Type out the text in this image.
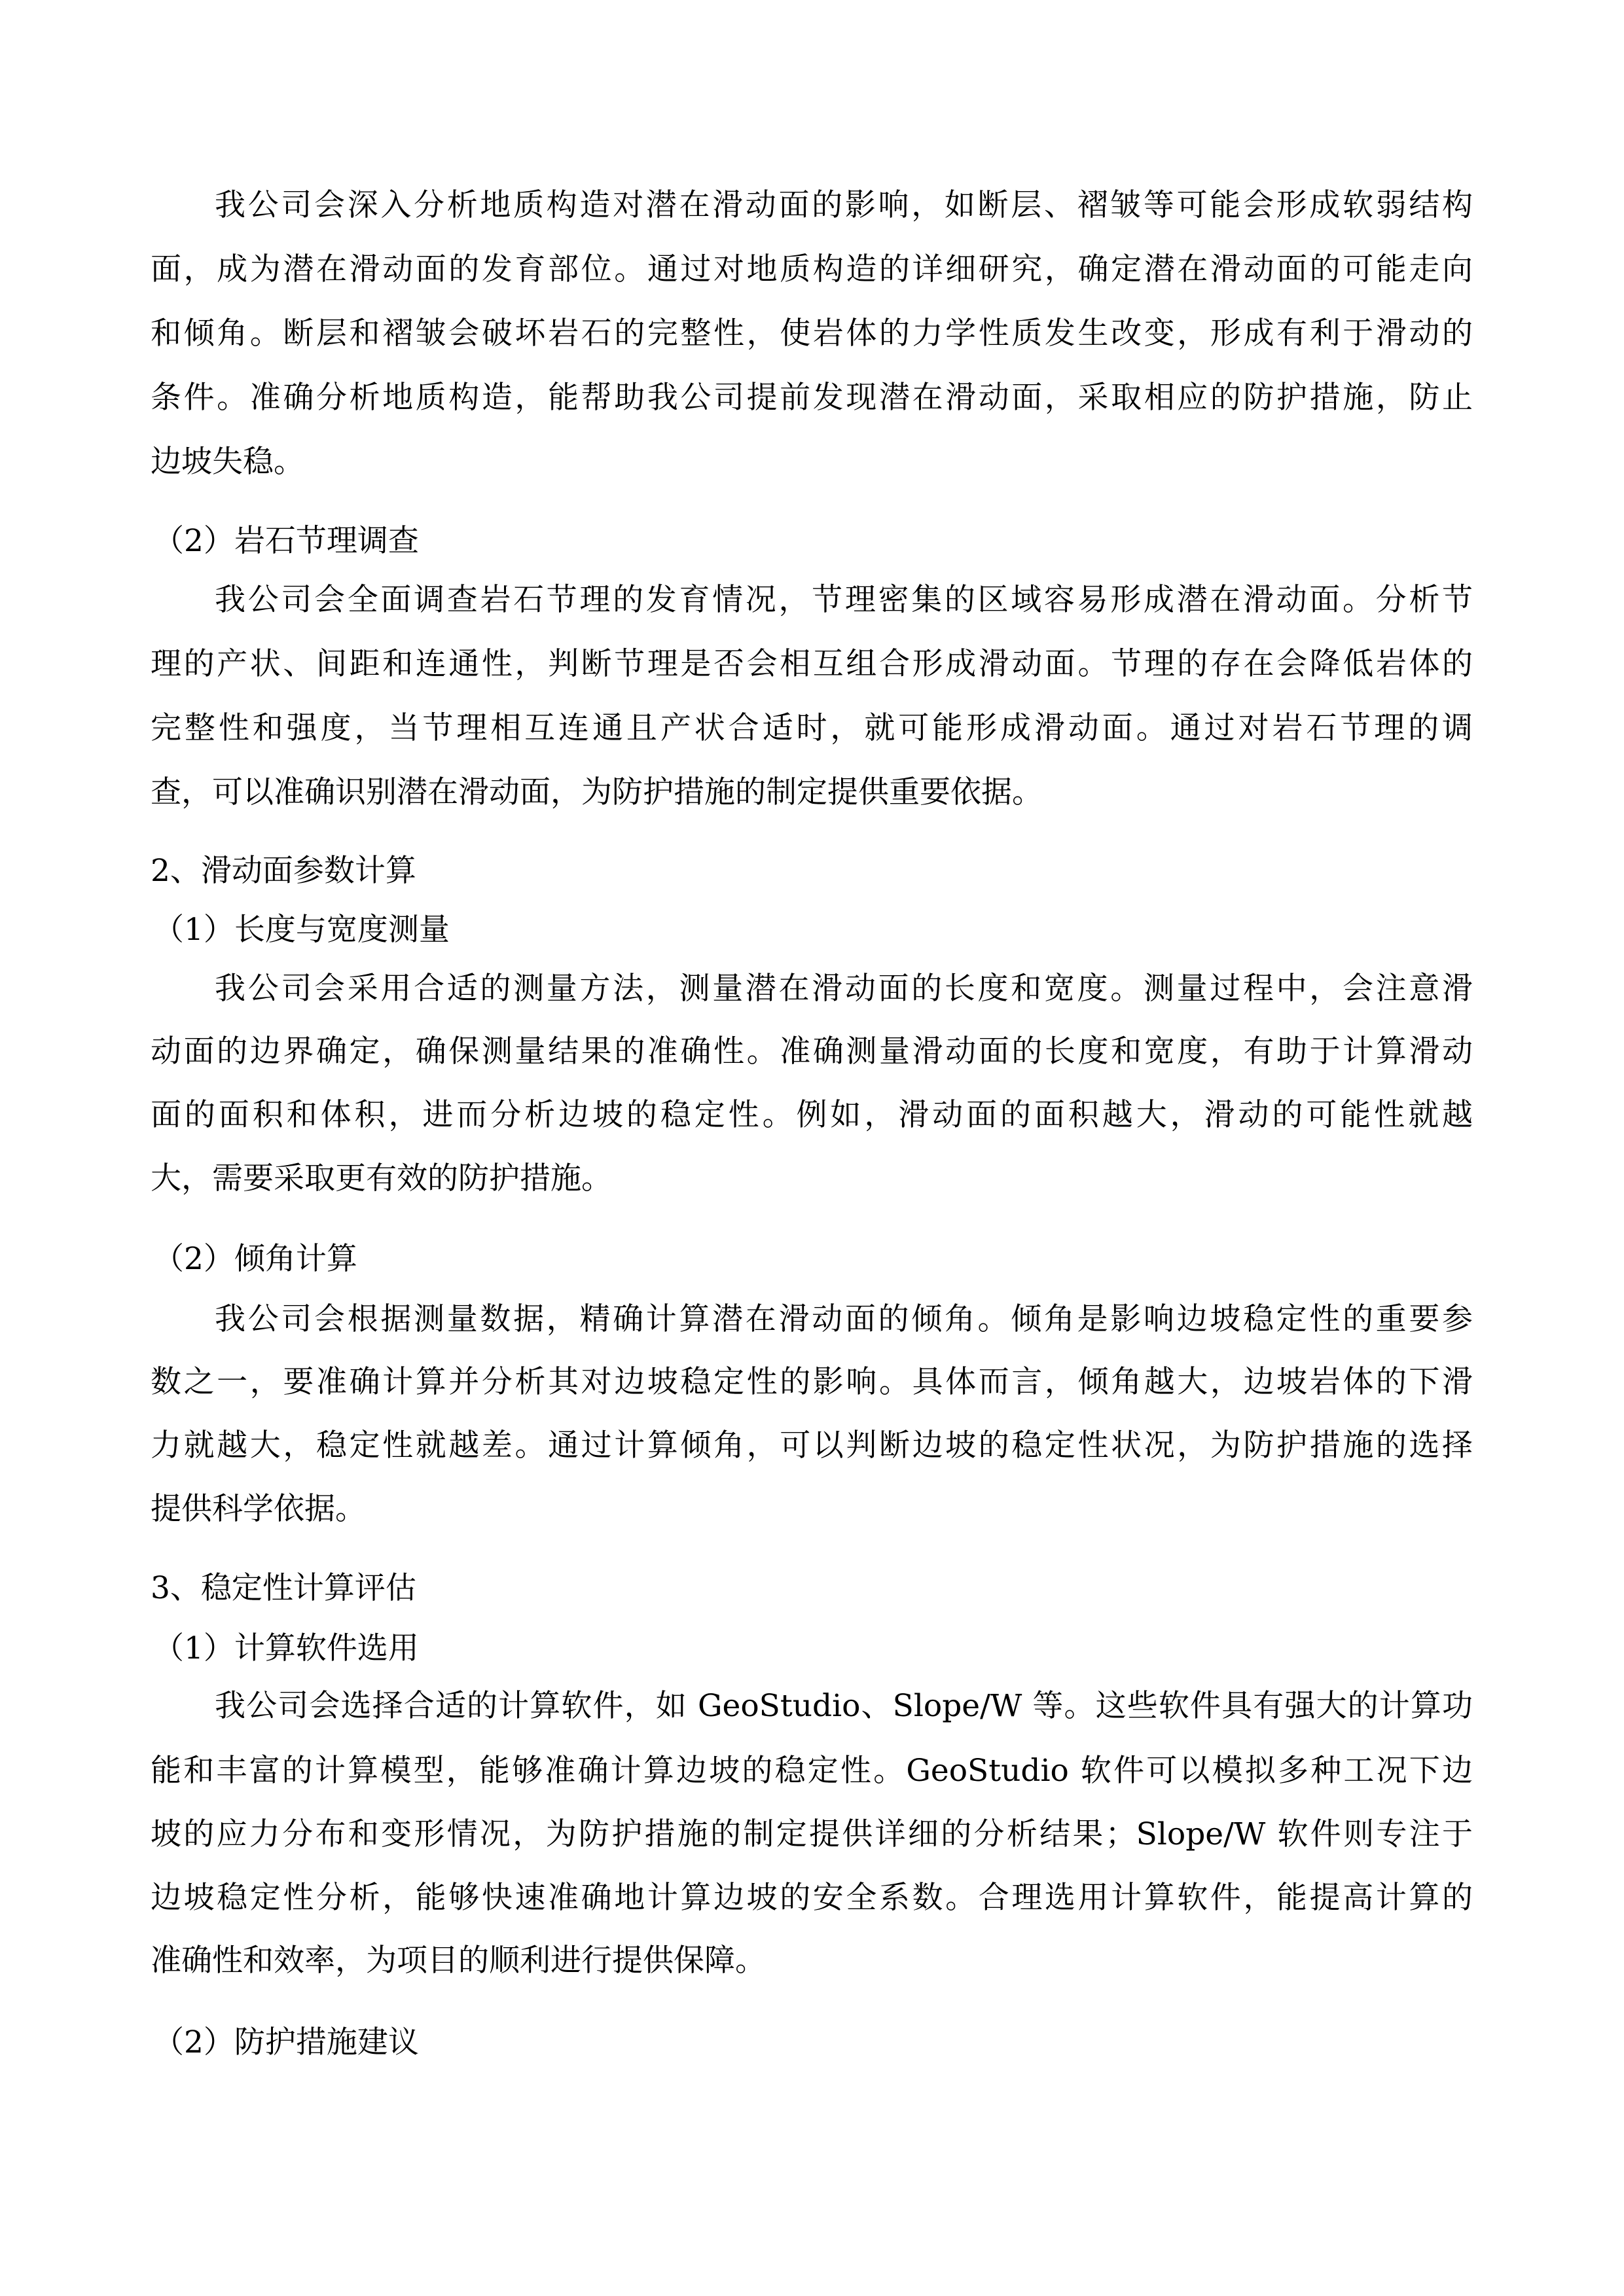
我公司会深入分析地质构造对潜在滑动面的影响，如断层、褶皱等可能会形成软弱结构
面，成为潜在滑动面的发育部位。通过对地质构造的详细研究，确定潜在滑动面的可能走向
和倾角。断层和褶皱会破坏岩石的完整性，使岩体的力学性质发生改变，形成有利于滑动的
条件。准确分析地质构造，能帮助我公司提前发现潜在滑动面，采取相应的防护措施，防止
边坡失稳。
（2）岩石节理调查
我公司会全面调查岩石节理的发育情况，节理密集的区域容易形成潜在滑动面。分析节
理的产状、间距和连通性，判断节理是否会相互组合形成滑动面。节理的存在会降低岩体的
完整性和强度，当节理相互连通且产状合适时，就可能形成滑动面。通过对岩石节理的调
查，可以准确识别潜在滑动面，为防护措施的制定提供重要依据。
2、滑动面参数计算
（1）长度与宽度测量
我公司会采用合适的测量方法，测量潜在滑动面的长度和宽度。测量过程中，会注意滑
动面的边界确定，确保测量结果的准确性。准确测量滑动面的长度和宽度，有助于计算滑动
面的面积和体积，进而分析边坡的稳定性。例如，滑动面的面积越大，滑动的可能性就越
大，需要采取更有效的防护措施。
（2）倾角计算
我公司会根据测量数据，精确计算潜在滑动面的倾角。倾角是影响边坡稳定性的重要参
数之一，要准确计算并分析其对边坡稳定性的影响。具体而言，倾角越大，边坡岩体的下滑
力就越大，稳定性就越差。通过计算倾角，可以判断边坡的稳定性状况，为防护措施的选择
提供科学依据。
3、稳定性计算评估
（1）计算软件选用
我公司会选择合适的计算软件，如 GeoStudio、Slope/W 等。这些软件具有强大的计算功
能和丰富的计算模型，能够准确计算边坡的稳定性。GeoStudio 软件可以模拟多种工况下边
坡的应力分布和变形情况，为防护措施的制定提供详细的分析结果；Slope/W 软件则专注于
边坡稳定性分析，能够快速准确地计算边坡的安全系数。合理选用计算软件，能提高计算的
准确性和效率，为项目的顺利进行提供保障。
（2）防护措施建议
